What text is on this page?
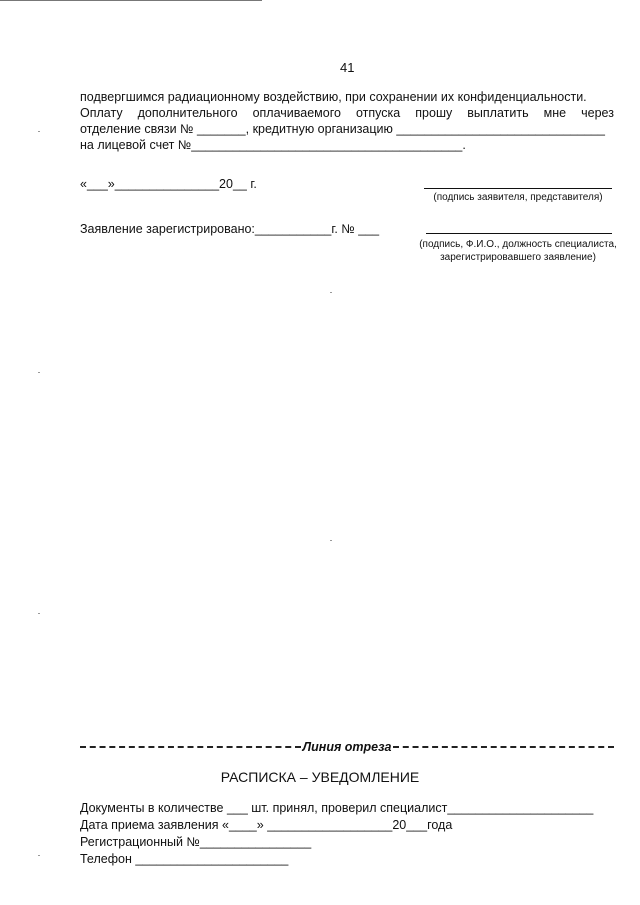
41
подвергшимся радиационному воздействию, при сохранении их конфиденциальности.
Оплату дополнительного оплачиваемого отпуска прошу выплатить мне через
отделение связи № _______, кредитную организацию ______________________________
на лицевой счет №_______________________________________.
«___»_______________20__ г.
(подпись заявителя, представителя)
Заявление зарегистрировано:___________г. № ___
(подпись, Ф.И.О., должность специалиста, зарегистрировавшего заявление)
Линия отреза
РАСПИСКА – УВЕДОМЛЕНИЕ
Документы в количестве ___ шт. принял, проверил специалист_____________________
Дата приема заявления «____» __________________20___года
Регистрационный №________________
Телефон ______________________
